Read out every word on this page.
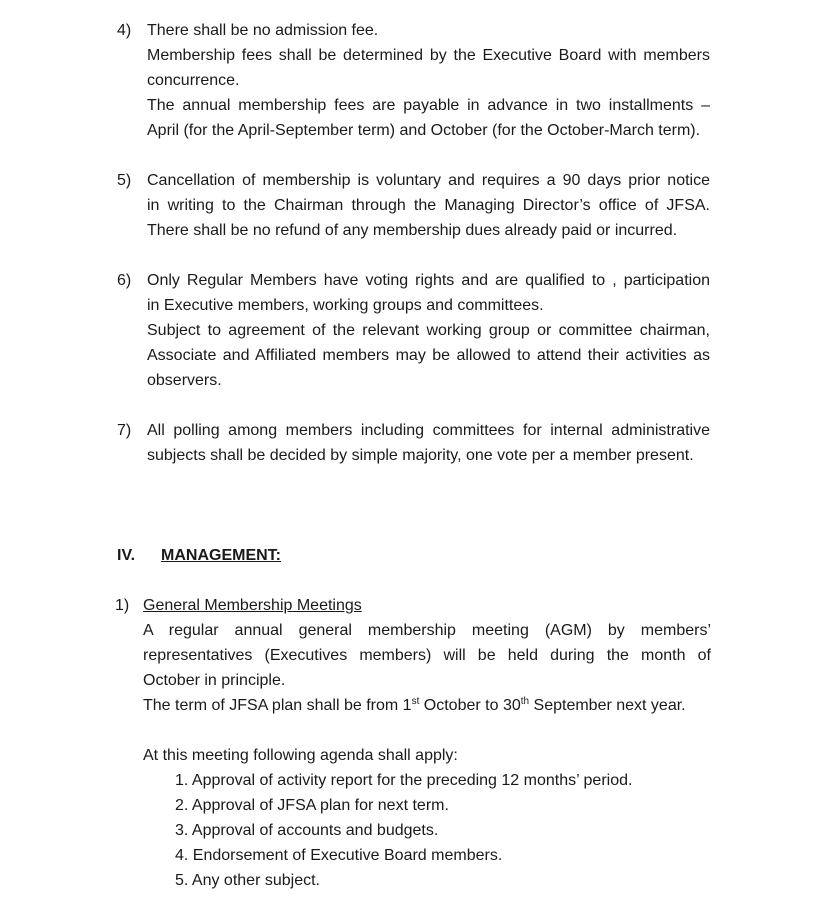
4) There shall be no admission fee.
Membership fees shall be determined by the Executive Board with members
concurrence.
The annual membership fees are payable in advance in two installments –
April (for the April-September term) and October (for the October-March term).
5) Cancellation of membership is voluntary and requires a 90 days prior notice
in writing to the Chairman through the Managing Director’s office of JFSA.
There shall be no refund of any membership dues already paid or incurred.
6) Only Regular Members have voting rights and are qualified to , participation
in Executive members, working groups and committees.
Subject to agreement of the relevant working group or committee chairman,
Associate and Affiliated members may be allowed to attend their activities as
observers.
7) All polling among members including committees for internal administrative
subjects shall be decided by simple majority, one vote per a member present.
IV. MANAGEMENT:
1) General Membership Meetings
A regular annual general membership meeting (AGM) by members’
representatives (Executives members) will be held during the month of
October in principle.
The term of JFSA plan shall be from 1st October to 30th September next year.
At this meeting following agenda shall apply:
1. Approval of activity report for the preceding 12 months’ period.
2. Approval of JFSA plan for next term.
3. Approval of accounts and budgets.
4. Endorsement of Executive Board members.
5. Any other subject.
